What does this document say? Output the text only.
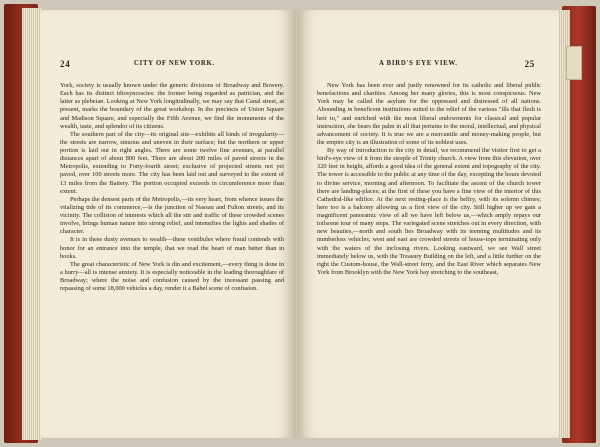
24	CITY OF NEW YORK.

York, society is usually known under the generic divisions of Broadway and Bowery. Each has its distinct idiosyncracies: the former being regarded as patrician, and the latter as plebeian. Looking at New York longitudinally, we may say that Canal street, at present, marks the boundary of the great workshop. In the precincts of Union Square and Madison Square, and especially the Fifth Avenue, we find the monuments of the wealth, taste, and splendor of its citizens.

The southern part of the city—its original site—exhibits all kinds of irregularity—the streets are narrow, sinuous and uneven in their surface; but the northern or upper portion is laid out in right angles. There are some twelve fine avenues, at parallel distances apart of about 800 feet. There are about 200 miles of paved streets in the Metropolis, extending to Forty-fourth street; exclusive of projected streets not yet paved, over 100 streets more. The city has been laid out and surveyed to the extent of 13 miles from the Battery. The portion occupied exceeds in circumference more than extent.

Perhaps the densest parts of the Metropolis,—its very heart, from whence issues the vitalizing tide of its commerce,—is the junction of Nassau and Fulton streets, and its vicinity. The collision of interests which all the stir and traffic of these crowded scenes involve, brings human nature into strong relief, and intensifies the lights and shades of character.

It is in these dusty avenues to wealth—these vestibules where fraud contends with honor for an entrance into the temple, that we read the heart of man better than in books.

The great characteristic of New York is din and excitement,—every thing is done in a hurry—all is intense anxiety. It is especially noticeable in the leading thoroughfare of Broadway; where the noise and confusion caused by the incessant passing and repassing of some 18,000 vehicles a day, render it a Babel scene of confusion.

A BIRD'S EYE VIEW.	25

New York has been ever and justly renowned for its catholic and liberal public benefactions and charities. Among her many glories, this is most conspicuous. New York may be called the asylum for the oppressed and distressed of all nations. Abounding in beneficent institutions suited to the relief of the various "ills that flesh is heir to," and enriched with the most liberal endowments for classical and popular instruction, she bears the palm in all that pertains to the moral, intellectual, and physical advancement of society. It is true we are a mercantile and money-making people, but the empire city is an illustration of some of its noblest uses.

By way of introduction to the city in detail, we recommend the visitor first to get a bird's-eye view of it from the steeple of Trinity church. A view from this elevation, over 320 feet in height, affords a good idea of the general extent and topography of the city. The tower is accessible to the public at any time of the day, excepting the hours devoted to divine service, morning and afternoon. To facilitate the ascent of the church tower there are landing-places; at the first of these you have a fine view of the interior of this Cathedral-like edifice. At the next resting-place is the belfry, with its solemn chimes; here too is a balcony allowing us a first view of the city. Still higher up we gain a magnificent panoramic view of all we have left below us,—which amply repays our toilsome tour of many steps. The variegated scene stretches out in every direction, with new beauties,—north and south lies Broadway with its teeming multitudes and its numberless vehicles; west and east are crowded streets of house-tops terminating only with the waters of the inclosing rivers. Looking eastward, we see Wall street immediately below us, with the Treasury Building on the left, and a little further on the right the Custom-house, the Wall-street ferry, and the East River which separates New York from Brooklyn with the New York bay stretching to the southeast,
